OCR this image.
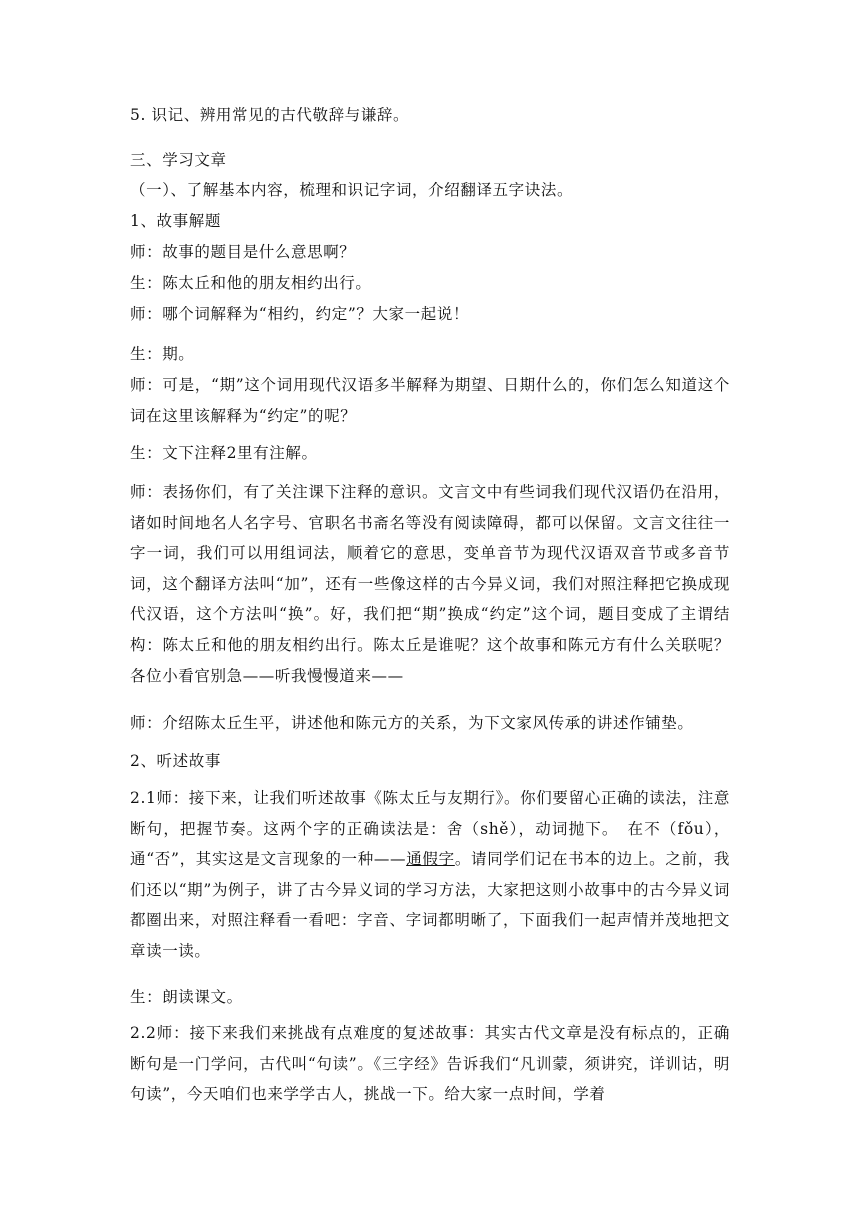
5. 识记、辨用常见的古代敬辞与谦辞。
三、学习文章
（一）、了解基本内容，梳理和识记字词，介绍翻译五字诀法。
1、故事解题
师：故事的题目是什么意思啊？
生：陈太丘和他的朋友相约出行。
师：哪个词解释为“相约，约定”？大家一起说！
生：期。
师：可是，“期”这个词用现代汉语多半解释为期望、日期什么的，你们怎么知道这个词在这里该解释为“约定”的呢？
生：文下注释2里有注解。
师：表扬你们，有了关注课下注释的意识。文言文中有些词我们现代汉语仍在沿用，诸如时间地名人名字号、官职名书斋名等没有阅读障碍，都可以保留。文言文往往一字一词，我们可以用组词法，顺着它的意思，变单音节为现代汉语双音节或多音节词，这个翻译方法叫“加”，还有一些像这样的古今异义词，我们对照注释把它换成现代汉语，这个方法叫“换”。好，我们把“期”换成“约定”这个词，题目变成了主谓结构：陈太丘和他的朋友相约出行。陈太丘是谁呢？这个故事和陈元方有什么关联呢？各位小看官别急——听我慢慢道来——
师：介绍陈太丘生平，讲述他和陈元方的关系，为下文家风传承的讲述作铺垫。
2、听述故事
2.1师：接下来，让我们听述故事《陈太丘与友期行》。你们要留心正确的读法，注意断句，把握节奏。这两个字的正确读法是：舍（shě），动词抛下。　在不（fǒu），通“否”，其实这是文言现象的一种——通假字。请同学们记在书本的边上。之前，我们还以“期”为例子，讲了古今异义词的学习方法，大家把这则小故事中的古今异义词都圈出来，对照注释看一看吧：字音、字词都明晰了，下面我们一起声情并茂地把文章读一读。
生：朗读课文。
2.2师：接下来我们来挑战有点难度的复述故事：其实古代文章是没有标点的，正确断句是一门学问，古代叫“句读”。《三字经》告诉我们“凡训蒙，须讲究，详训诂，明句读”，今天咱们也来学学古人，挑战一下。给大家一点时间，学着
